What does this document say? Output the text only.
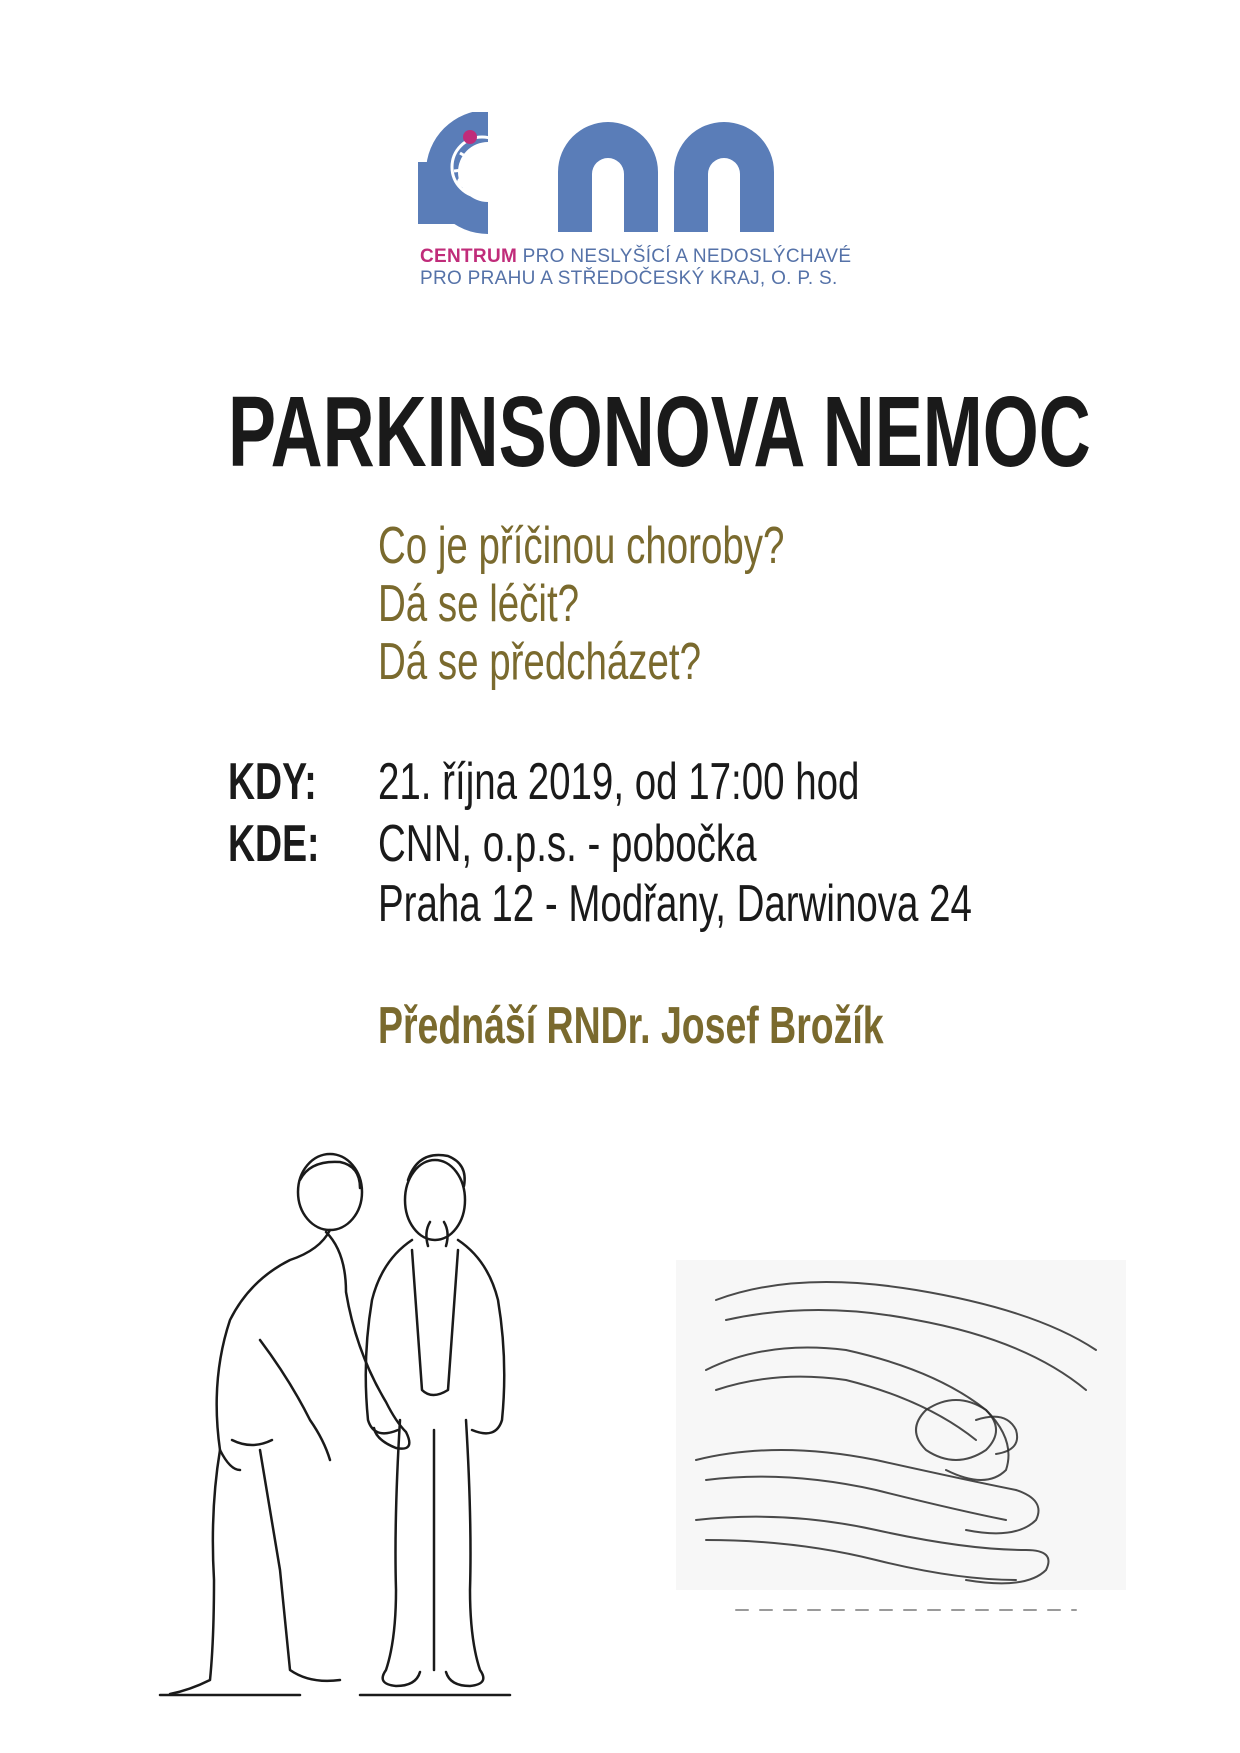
CENTRUM PRO NESLYŠÍCÍ A NEDOSLÝCHAVÉ
PRO PRAHU A STŘEDOČESKÝ KRAJ, O. P. S.
PARKINSONOVA NEMOC
Co je příčinou choroby?
Dá se léčit?
Dá se předcházet?
KDY: 21. října 2019, od 17:00 hod
KDE: CNN, o.p.s. - pobočka
Praha 12 - Modřany, Darwinova 24
Přednáší RNDr. Josef Brožík
